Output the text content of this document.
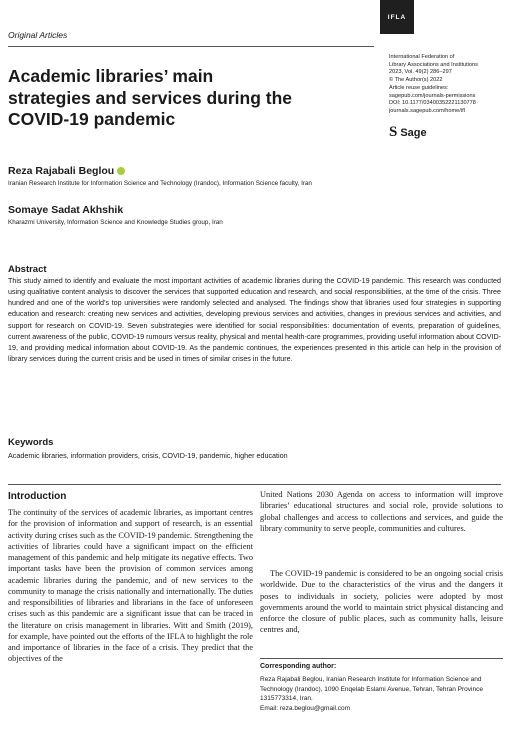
Original Articles
IFLA
International Federation of
Library Associations and Institutions
2023, Vol. 49(2) 286–297
© The Author(s) 2022
Article reuse guidelines:
sagepub.com/journals-permissions
DOI: 10.1177/03400352221130778
journals.sagepub.com/home/ifl
S Sage
Academic libraries’ main strategies and services during the COVID-19 pandemic
Reza Rajabali Beglou
Iranian Research Institute for Information Science and Technology (Irandoc), Information Science faculty, Iran
Somaye Sadat Akhshik
Kharazmi University, Information Science and Knowledge Studies group, Iran
Abstract
This study aimed to identify and evaluate the most important activities of academic libraries during the COVID-19 pandemic. This research was conducted using qualitative content analysis to discover the services that supported education and research, and social responsibilities, at the time of the crisis. Three hundred and one of the world’s top universities were randomly selected and analysed. The findings show that libraries used four strategies in supporting education and research: creating new services and activities, developing previous services and activities, changes in previous services and activities, and support for research on COVID-19. Seven substrategies were identified for social responsibilities: documentation of events, preparation of guidelines, current awareness of the public, COVID-19 rumours versus reality, physical and mental health-care programmes, providing useful information about COVID-19, and providing medical information about COVID-19. As the pandemic continues, the experiences presented in this article can help in the provision of library services during the current crisis and be used in times of similar crises in the future.
Keywords
Academic libraries, information providers, crisis, COVID-19, pandemic, higher education
Introduction
The continuity of the services of academic libraries, as important centres for the provision of information and support of research, is an essential activity during crises such as the COVID-19 pandemic. Strengthening the activities of libraries could have a significant impact on the efficient management of this pandemic and help mitigate its negative effects. Two important tasks have been the provision of common services among academic libraries during the pandemic, and of new services to the community to manage the crisis nationally and internationally. The duties and responsibilities of libraries and librarians in the face of unforeseen crises such as this pandemic are a significant issue that can be traced in the literature on crisis management in libraries. Witt and Smith (2019), for example, have pointed out the efforts of the IFLA to highlight the role and importance of libraries in the face of a crisis. They predict that the objectives of the
United Nations 2030 Agenda on access to information will improve libraries’ educational structures and social role, provide solutions to global challenges and access to collections and services, and guide the library community to serve people, communities and cultures.
The COVID-19 pandemic is considered to be an ongoing social crisis worldwide. Due to the characteristics of the virus and the dangers it poses to individuals in society, policies were adopted by most governments around the world to maintain strict physical distancing and enforce the closure of public places, such as community halls, leisure centres and,
Corresponding author:
Reza Rajabali Beglou, Iranian Research Institute for Information Science and Technology (Irandoc), 1090 Enqelab Eslami Avenue, Tehran, Tehran Province 1315773314, Iran.
Email: reza.beglou@gmail.com
